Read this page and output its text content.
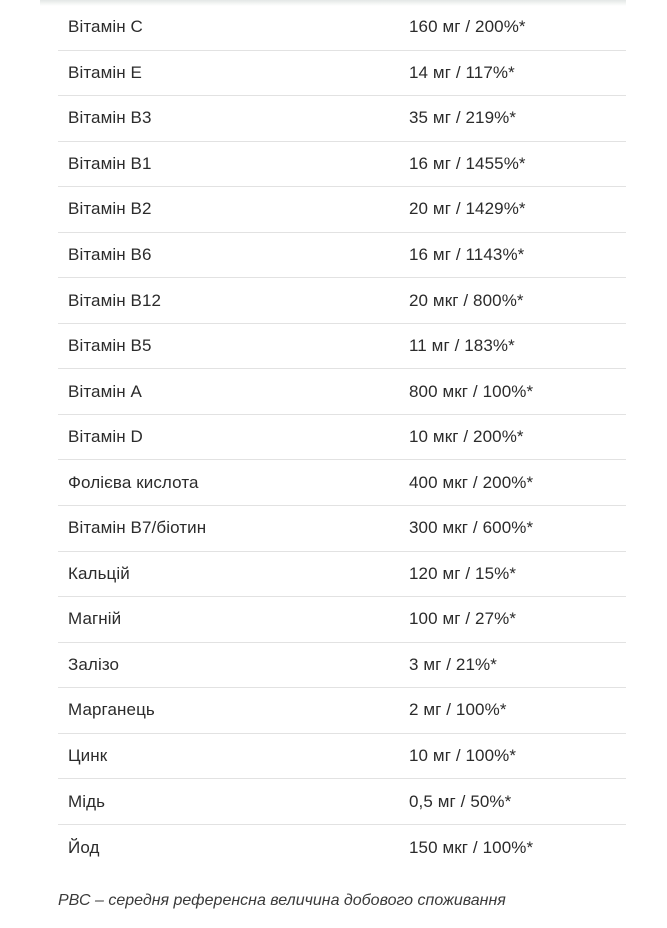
Вітамін С	160 мг / 200%*
Вітамін Е	14 мг / 117%*
Вітамін В3	35 мг / 219%*
Вітамін В1	16 мг / 1455%*
Вітамін В2	20 мг / 1429%*
Вітамін В6	16 мг / 1143%*
Вітамін В12	20 мкг / 800%*
Вітамін В5	11 мг / 183%*
Вітамін А	800 мкг / 100%*
Вітамін D	10 мкг / 200%*
Фолієва кислота	400 мкг / 200%*
Вітамін В7/біотин	300 мкг / 600%*
Кальцій	120 мг / 15%*
Магній	100 мг / 27%*
Залізо	3 мг / 21%*
Марганець	2 мг / 100%*
Цинк	10 мг / 100%*
Мідь	0,5 мг / 50%*
Йод	150 мкг / 100%*

РВС – середня референсна величина добового споживання
